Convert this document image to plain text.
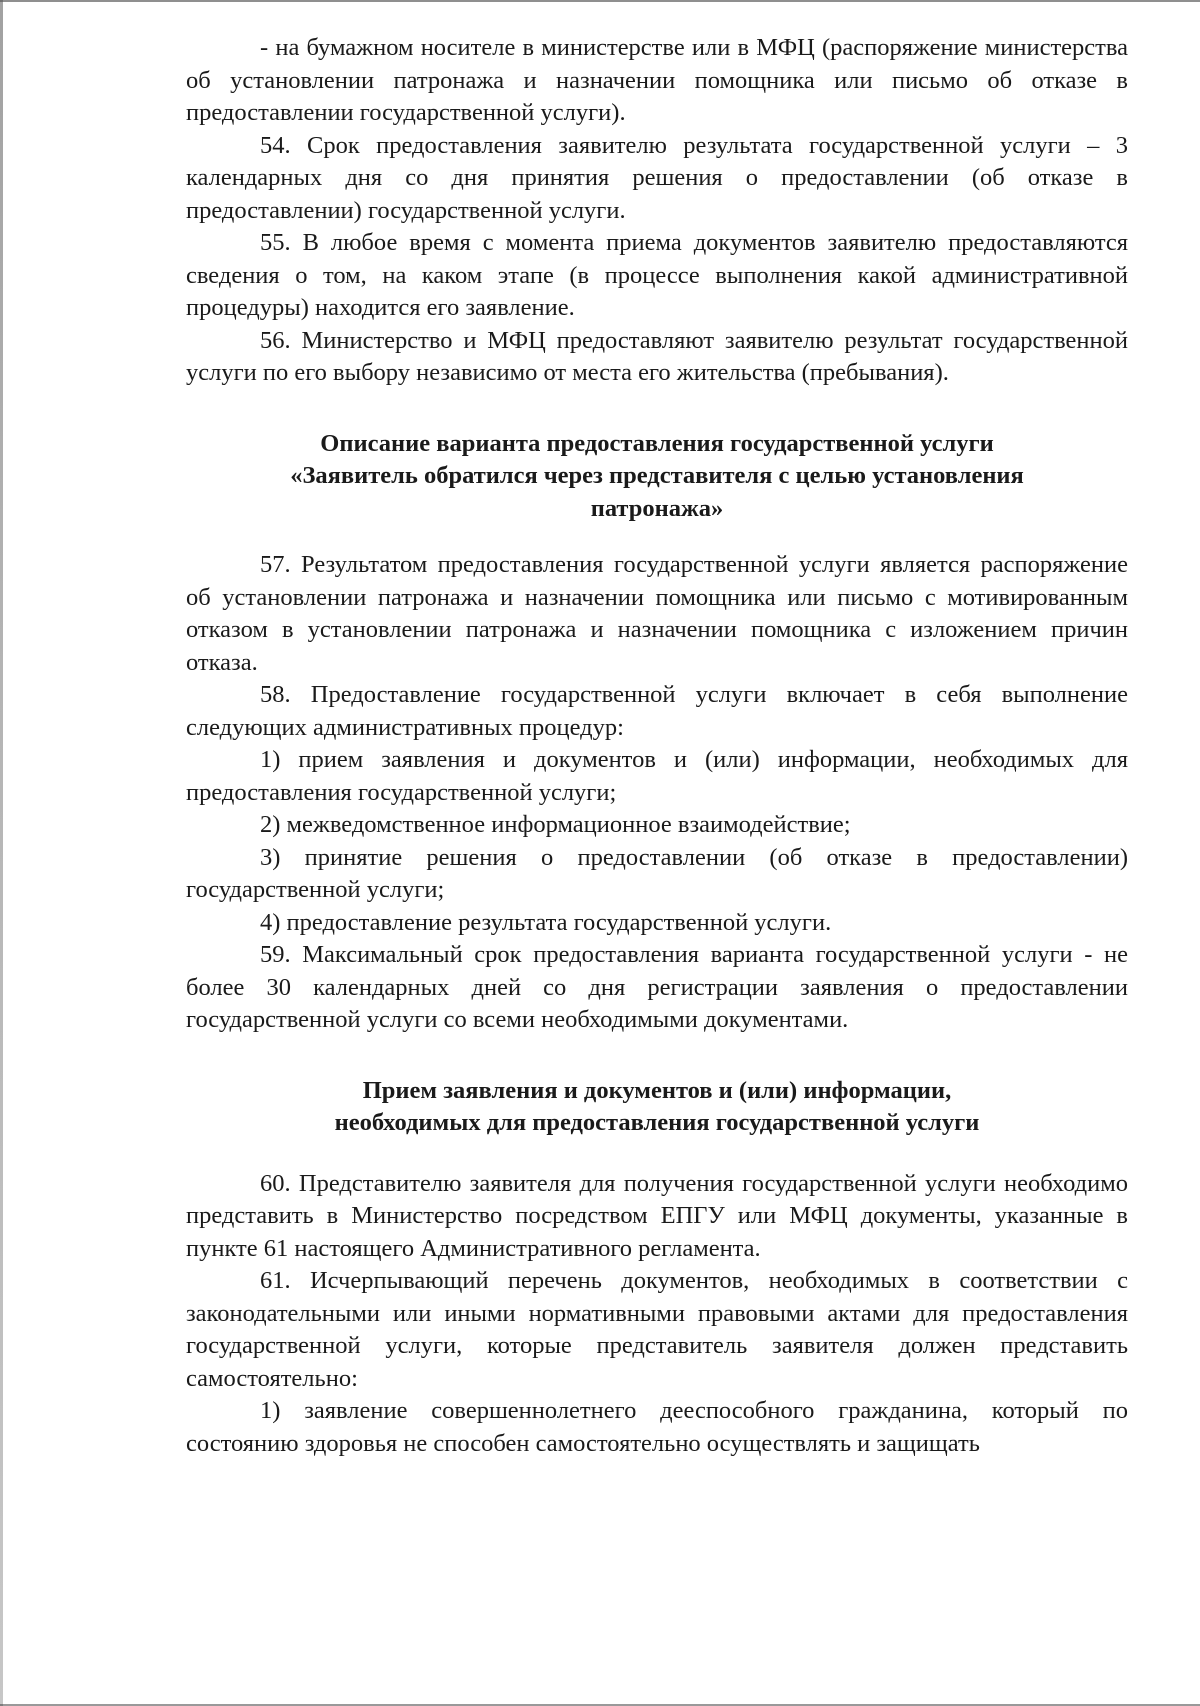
- на бумажном носителе в министерстве или в МФЦ (распоряжение министерства об установлении патронажа и назначении помощника или письмо об отказе в предоставлении государственной услуги).

54. Срок предоставления заявителю результата государственной услуги – 3 календарных дня со дня принятия решения о предоставлении (об отказе в предоставлении) государственной услуги.

55. В любое время с момента приема документов заявителю предоставляются сведения о том, на каком этапе (в процессе выполнения какой административной процедуры) находится его заявление.

56. Министерство и МФЦ предоставляют заявителю результат государственной услуги по его выбору независимо от места его жительства (пребывания).

Описание варианта предоставления государственной услуги

«Заявитель обратился через представителя с целью установления

патронажа»

57. Результатом предоставления государственной услуги является распоряжение об установлении патронажа и назначении помощника или письмо с мотивированным отказом в установлении патронажа и назначении помощника с изложением причин отказа.

58. Предоставление государственной услуги включает в себя выполнение следующих административных процедур:

1) прием заявления и документов и (или) информации, необходимых для предоставления государственной услуги;

2) межведомственное информационное взаимодействие;

3) принятие решения о предоставлении (об отказе в предоставлении) государственной услуги;

4) предоставление результата государственной услуги.

59. Максимальный срок предоставления варианта государственной услуги - не более 30 календарных дней со дня регистрации заявления о предоставлении государственной услуги со всеми необходимыми документами.

Прием заявления и документов и (или) информации,

необходимых для предоставления государственной услуги

60. Представителю заявителя для получения государственной услуги необходимо представить в Министерство посредством ЕПГУ или МФЦ документы, указанные в пункте 61 настоящего Административного регламента.

61. Исчерпывающий перечень документов, необходимых в соответствии с законодательными или иными нормативными правовыми актами для предоставления государственной услуги, которые представитель заявителя должен представить самостоятельно:

1) заявление совершеннолетнего дееспособного гражданина, который по состоянию здоровья не способен самостоятельно осуществлять и защищать
